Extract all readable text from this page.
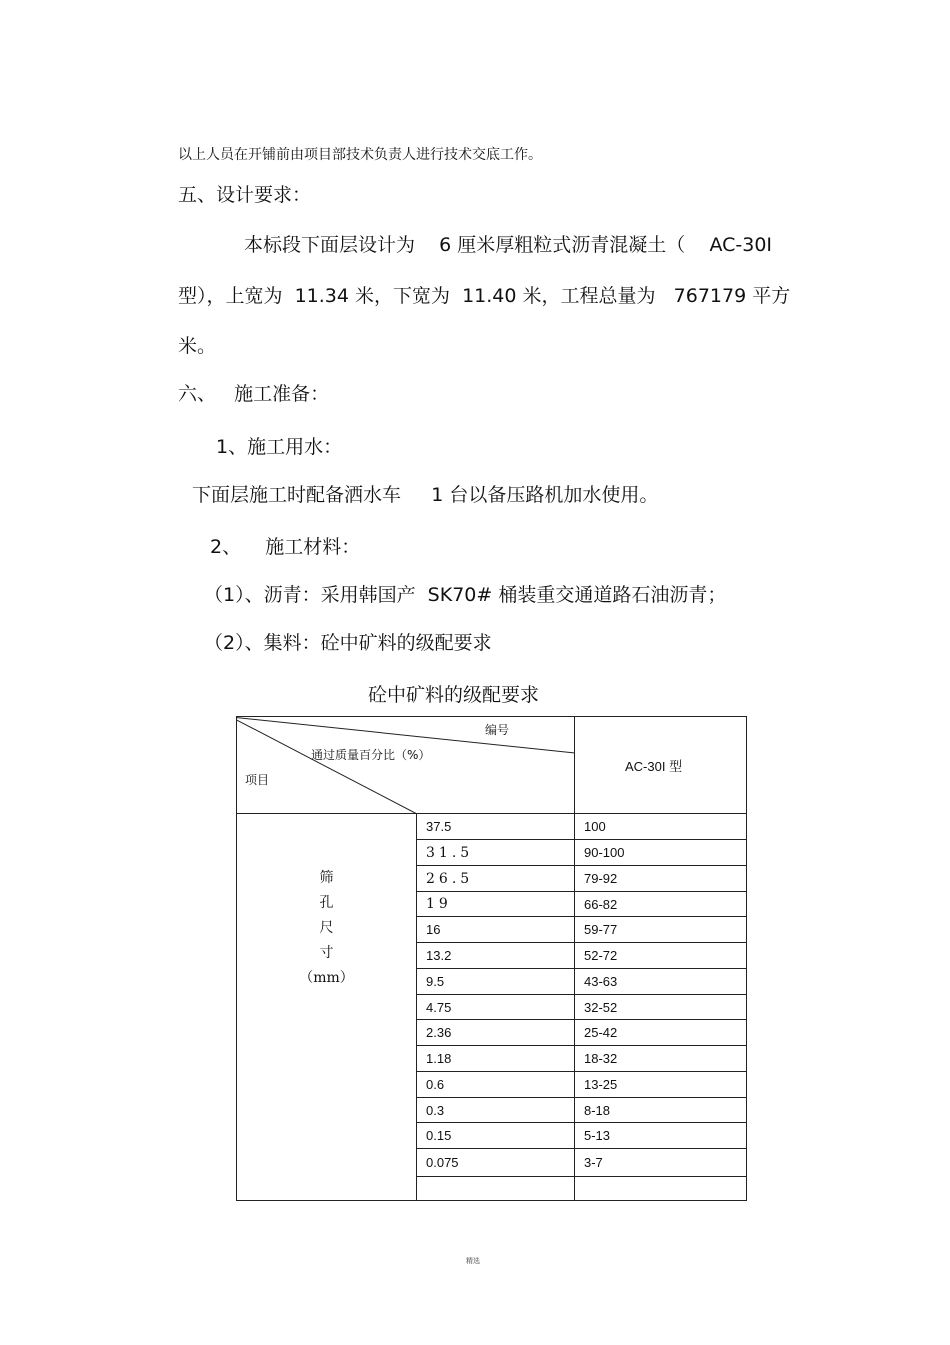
以上人员在开铺前由项目部技术负责人进行技术交底工作。
五、设计要求：
本标段下面层设计为    6 厘米厚粗粒式沥青混凝土（    AC-30I
型），上宽为  11.34 米，下宽为  11.40 米，工程总量为   767179 平方
米。
六、   施工准备：
1、施工用水：
下面层施工时配备洒水车     1 台以备压路机加水使用。
2、    施工材料：
（1）、沥青：采用韩国产  SK70# 桶装重交通道路石油沥青；
（2）、集料：砼中矿料的级配要求
砼中矿料的级配要求
编号
通过质量百分比（%）
项目		AC-30I 型

筛
孔
尺
寸
（mm）	37.5	100
	31.5	90-100
	26.5	79-92
	19	66-82
	16	59-77
	13.2	52-72
	9.5	43-63
	4.75	32-52
	2.36	25-42
	1.18	18-32
	0.6	13-25
	0.3	8-18
	0.15	5-13
	0.075	3-7

精选
